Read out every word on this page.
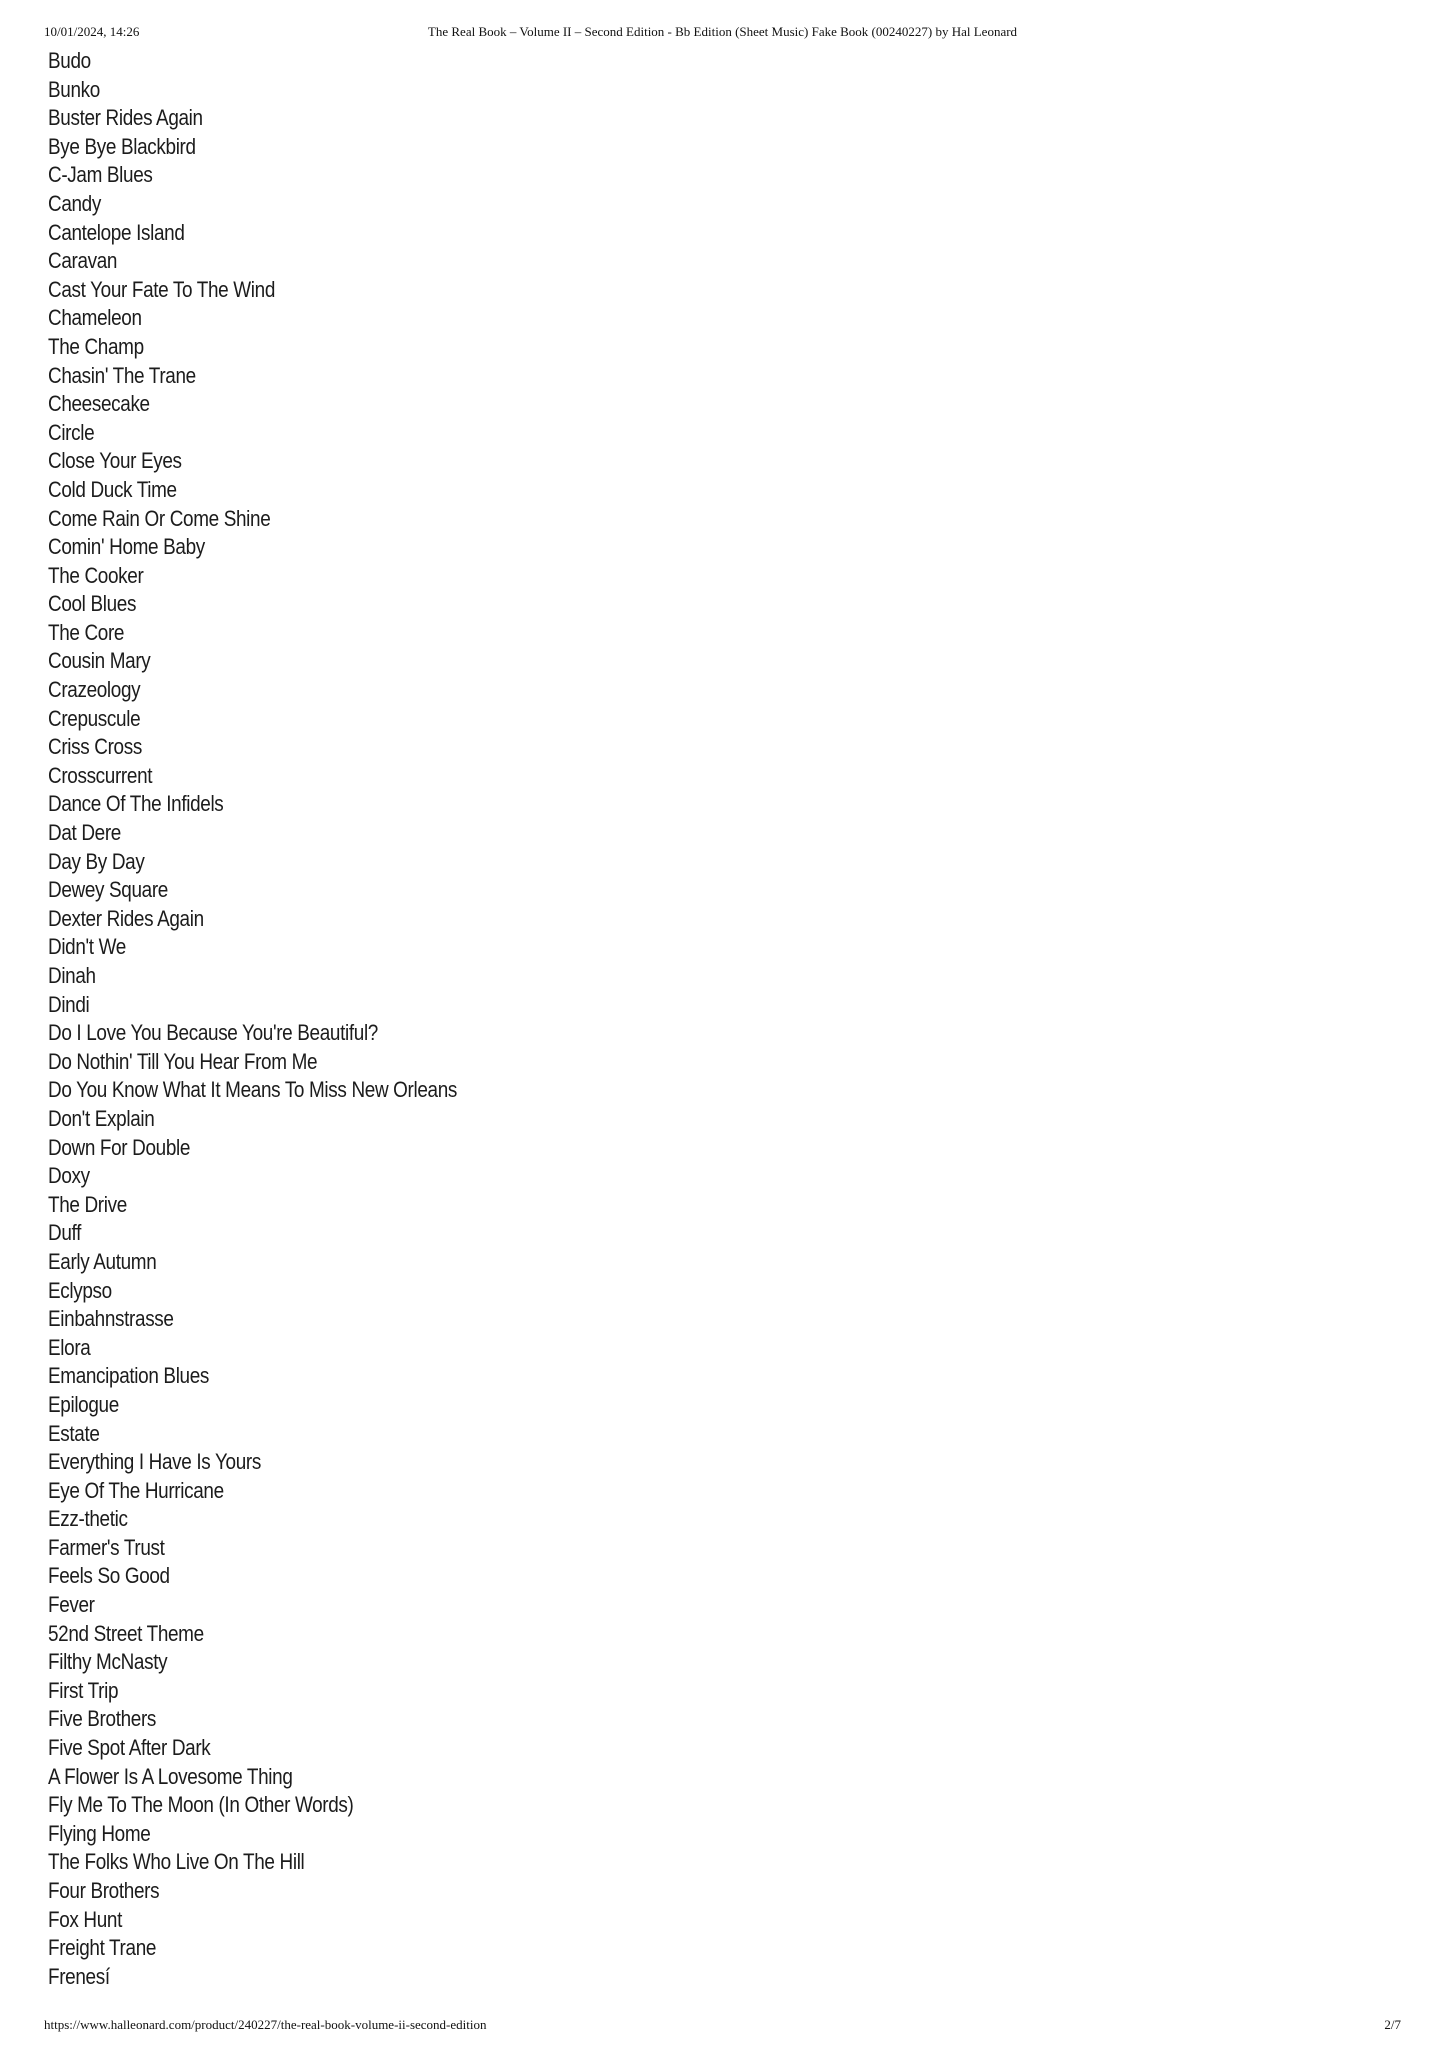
10/01/2024, 14:26	The Real Book – Volume II – Second Edition - Bb Edition (Sheet Music) Fake Book (00240227) by Hal Leonard
Budo
Bunko
Buster Rides Again
Bye Bye Blackbird
C-Jam Blues
Candy
Cantelope Island
Caravan
Cast Your Fate To The Wind
Chameleon
The Champ
Chasin' The Trane
Cheesecake
Circle
Close Your Eyes
Cold Duck Time
Come Rain Or Come Shine
Comin' Home Baby
The Cooker
Cool Blues
The Core
Cousin Mary
Crazeology
Crepuscule
Criss Cross
Crosscurrent
Dance Of The Infidels
Dat Dere
Day By Day
Dewey Square
Dexter Rides Again
Didn't We
Dinah
Dindi
Do I Love You Because You're Beautiful?
Do Nothin' Till You Hear From Me
Do You Know What It Means To Miss New Orleans
Don't Explain
Down For Double
Doxy
The Drive
Duff
Early Autumn
Eclypso
Einbahnstrasse
Elora
Emancipation Blues
Epilogue
Estate
Everything I Have Is Yours
Eye Of The Hurricane
Ezz-thetic
Farmer's Trust
Feels So Good
Fever
52nd Street Theme
Filthy McNasty
First Trip
Five Brothers
Five Spot After Dark
A Flower Is A Lovesome Thing
Fly Me To The Moon (In Other Words)
Flying Home
The Folks Who Live On The Hill
Four Brothers
Fox Hunt
Freight Trane
Frenesí
https://www.halleonard.com/product/240227/the-real-book-volume-ii-second-edition	2/7
